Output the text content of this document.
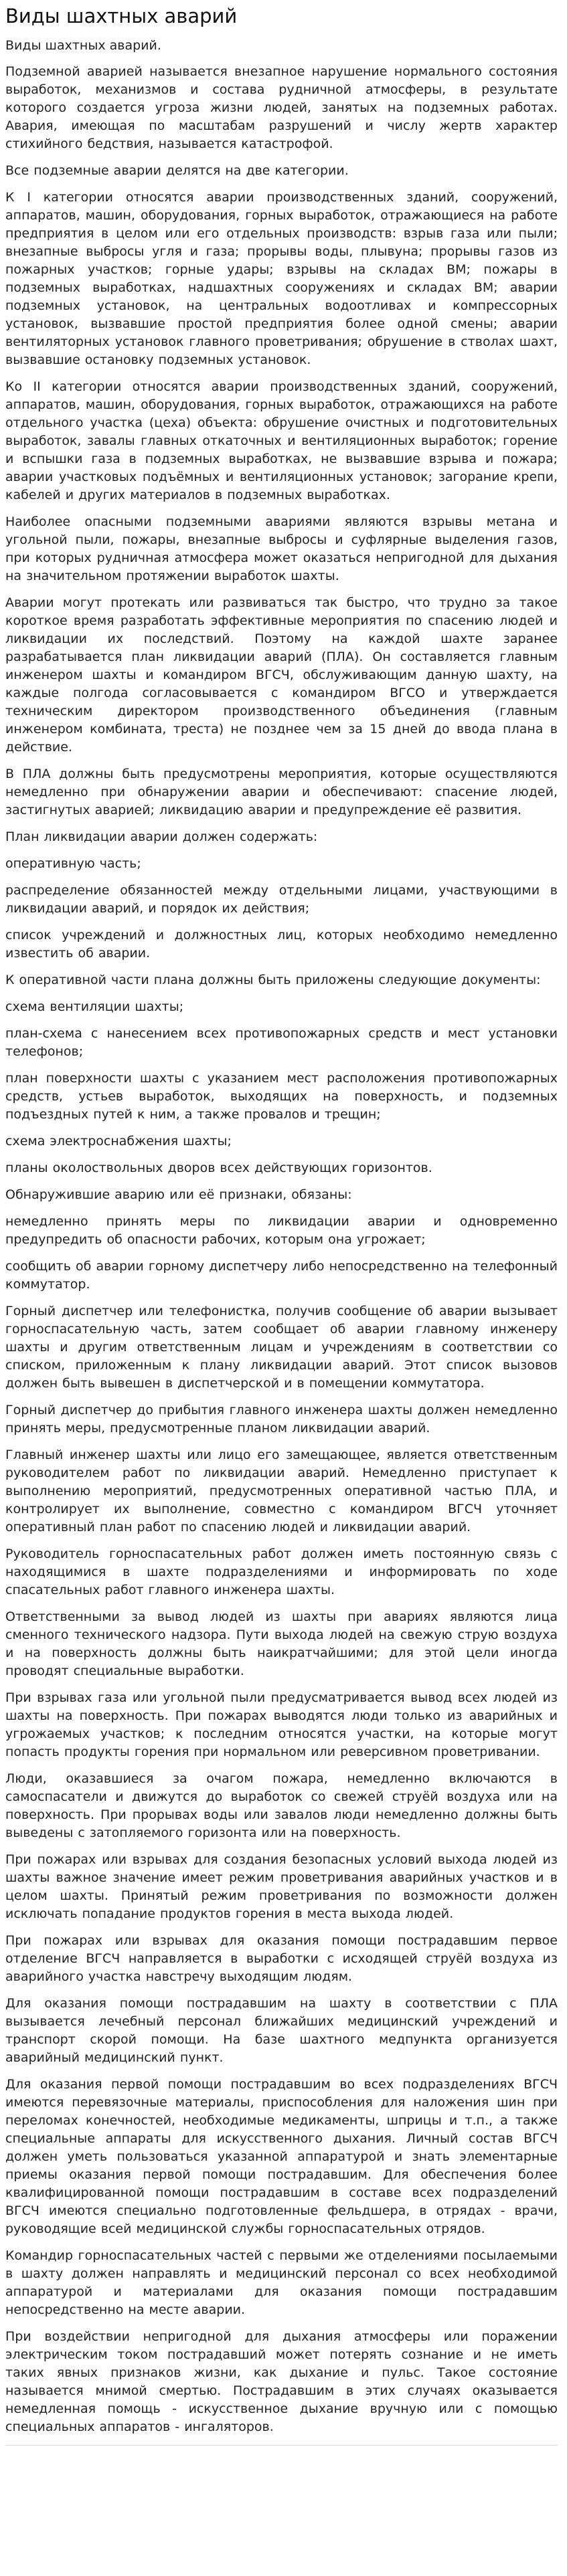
Виды шахтных аварий
Виды шахтных аварий.

Подземной аварией называется внезапное нарушение нормального состояния выработок, механизмов и состава рудничной атмосферы, в результате которого создается угроза жизни людей, занятых на подземных работах. Авария, имеющая по масштабам разрушений и числу жертв характер стихийного бедствия, называется катастрофой.

Все подземные аварии делятся на две категории.

К I категории относятся аварии производственных зданий, сооружений, аппаратов, машин, оборудования, горных выработок, отражающиеся на работе предприятия в целом или его отдельных производств: взрыв газа или пыли; внезапные выбросы угля и газа; прорывы воды, плывуна; прорывы газов из пожарных участков; горные удары; взрывы на складах ВМ; пожары в подземных выработках, надшахтных сооружениях и складах ВМ; аварии подземных установок, на центральных водоотливах и компрессорных установок, вызвавшие простой предприятия более одной смены; аварии вентиляторных установок главного проветривания; обрушение в стволах шахт, вызвавшие остановку подземных установок.

Ко II категории относятся аварии производственных зданий, сооружений, аппаратов, машин, оборудования, горных выработок, отражающихся на работе отдельного участка (цеха) объекта: обрушение очистных и подготовительных выработок, завалы главных откаточных и вентиляционных выработок; горение и вспышки газа в подземных выработках, не вызвавшие взрыва и пожара; аварии участковых подъёмных и вентиляционных установок; загорание крепи, кабелей и других материалов в подземных выработках.

Наиболее опасными подземными авариями являются взрывы метана и угольной пыли, пожары, внезапные выбросы и суфлярные выделения газов, при которых рудничная атмосфера может оказаться непригодной для дыхания на значительном протяжении выработок шахты.

Аварии могут протекать или развиваться так быстро, что трудно за такое короткое время разработать эффективные мероприятия по спасению людей и ликвидации их последствий. Поэтому на каждой шахте заранее разрабатывается план ликвидации аварий (ПЛА). Он составляется главным инженером шахты и командиром ВГСЧ, обслуживающим данную шахту, на каждые полгода согласовывается с командиром ВГСО и утверждается техническим директором производственного объединения (главным инженером комбината, треста) не позднее чем за 15 дней до ввода плана в действие.

В ПЛА должны быть предусмотрены мероприятия, которые осуществляются немедленно при обнаружении аварии и обеспечивают: спасение людей, застигнутых аварией; ликвидацию аварии и предупреждение её развития.

План ликвидации аварии должен содержать:

оперативную часть;

распределение обязанностей между отдельными лицами, участвующими в ликвидации аварий, и порядок их действия;

список учреждений и должностных лиц, которых необходимо немедленно известить об аварии.

К оперативной части плана должны быть приложены следующие документы:

схема вентиляции шахты;

план-схема с нанесением всех противопожарных средств и мест установки телефонов;

план поверхности шахты с указанием мест расположения противопожарных средств, устьев выработок, выходящих на поверхность, и подземных подъездных путей к ним, а также провалов и трещин;

схема электроснабжения шахты;

планы околоствольных дворов всех действующих горизонтов.

Обнаружившие аварию или её признаки, обязаны:

немедленно принять меры по ликвидации аварии и одновременно предупредить об опасности рабочих, которым она угрожает;

сообщить об аварии горному диспетчеру либо непосредственно на телефонный коммутатор.

Горный диспетчер или телефонистка, получив сообщение об аварии вызывает горноспасательную часть, затем сообщает об аварии главному инженеру шахты и другим ответственным лицам и учреждениям в соответствии со списком, приложенным к плану ликвидации аварий. Этот список вызовов должен быть вывешен в диспетчерской и в помещении коммутатора.

Горный диспетчер до прибытия главного инженера шахты должен немедленно принять меры, предусмотренные планом ликвидации аварий.

Главный инженер шахты или лицо его замещающее, является ответственным руководителем работ по ликвидации аварий. Немедленно приступает к выполнению мероприятий, предусмотренных оперативной частью ПЛА, и контролирует их выполнение, совместно с командиром ВГСЧ уточняет оперативный план работ по спасению людей и ликвидации аварий.

Руководитель горноспасательных работ должен иметь постоянную связь с находящимися в шахте подразделениями и информировать по ходе спасательных работ главного инженера шахты.

Ответственными за вывод людей из шахты при авариях являются лица сменного технического надзора. Пути выхода людей на свежую струю воздуха и на поверхность должны быть наикратчайшими; для этой цели иногда проводят специальные выработки.

При взрывах газа или угольной пыли предусматривается вывод всех людей из шахты на поверхность. При пожарах выводятся люди только из аварийных и угрожаемых участков; к последним относятся участки, на которые могут попасть продукты горения при нормальном или реверсивном проветривании.

Люди, оказавшиеся за очагом пожара, немедленно включаются в самоспасатели и движутся до выработок со свежей струёй воздуха или на поверхность. При прорывах воды или завалов люди немедленно должны быть выведены с затопляемого горизонта или на поверхность.

При пожарах или взрывах для создания безопасных условий выхода людей из шахты важное значение имеет режим проветривания аварийных участков и в целом шахты. Принятый режим проветривания по возможности должен исключать попадание продуктов горения в места выхода людей.

При пожарах или взрывах для оказания помощи пострадавшим первое отделение ВГСЧ направляется в выработки с исходящей струёй воздуха из аварийного участка навстречу выходящим людям.

Для оказания помощи пострадавшим на шахту в соответствии с ПЛА вызывается лечебный персонал ближайших медицинский учреждений и транспорт скорой помощи. На базе шахтного медпункта организуется аварийный медицинский пункт.

Для оказания первой помощи пострадавшим во всех подразделениях ВГСЧ имеются перевязочные материалы, приспособления для наложения шин при переломах конечностей, необходимые медикаменты, шприцы и т.п., а также специальные аппараты для искусственного дыхания. Личный состав ВГСЧ должен уметь пользоваться указанной аппаратурой и знать элементарные приемы оказания первой помощи пострадавшим. Для обеспечения более квалифицированной помощи пострадавшим в составе всех подразделений ВГСЧ имеются специально подготовленные фельдшера, в отрядах - врачи, руководящие всей медицинской службы горноспасательных отрядов.

Командир горноспасательных частей с первыми же отделениями посылаемыми в шахту должен направлять и медицинский персонал со всех необходимой аппаратурой и материалами для оказания помощи пострадавшим непосредственно на месте аварии.

При воздействии непригодной для дыхания атмосферы или поражении электрическим током пострадавший может потерять сознание и не иметь таких явных признаков жизни, как дыхание и пульс. Такое состояние называется мнимой смертью. Пострадавшим в этих случаях оказывается немедленная помощь - искусственное дыхание вручную или с помощью специальных аппаратов - ингаляторов.
